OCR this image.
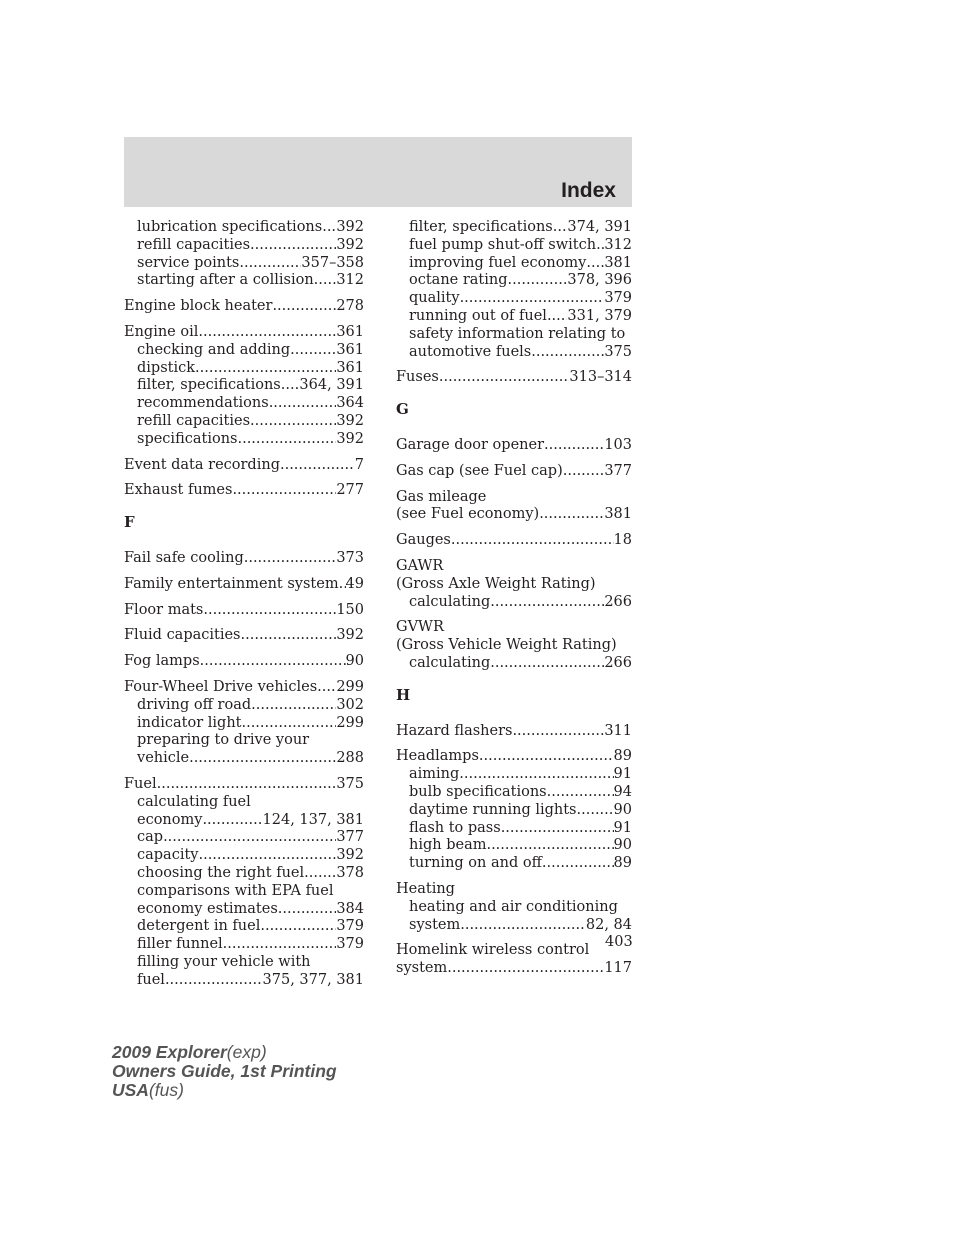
Index
lubrication specifications ..... 392
refill capacities .....	392
service points .....	357–358
starting after a collision ..... 312
Engine block heater .....	278
Engine oil .....	361
checking and adding .....	361
dipstick .....	361
filter, specifications ..... 364, 391
recommendations .....	364
refill capacities .....	392
specifications .....	392
Event data recording .....	7
Exhaust fumes .....	277
F
Fail safe cooling .....	373
Family entertainment system ..... 49
Floor mats .....	150
Fluid capacities .....	392
Fog lamps .....	90
Four-Wheel Drive vehicles ..... 299
driving off road .....	302
indicator light .....	299
preparing to drive your
vehicle .....	288
Fuel .....	375
calculating fuel
economy .....	124, 137, 381
cap .....	377
capacity .....	392
choosing the right fuel ..... 378
comparisons with EPA fuel
economy estimates .....	384
detergent in fuel .....	379
filler funnel .....	379
filling your vehicle with
fuel .....	375, 377, 381
filter, specifications ..... 374, 391
fuel pump shut-off switch ..... 312
improving fuel economy ..... 381
octane rating .....	378, 396
quality .....	379
running out of fuel ..... 331, 379
safety information relating to
automotive fuels .....	375
Fuses .....	313–314
G
Garage door opener .....	103
Gas cap (see Fuel cap) .....	377
Gas mileage
(see Fuel economy) .....	381
Gauges .....	18
GAWR
(Gross Axle Weight Rating)
calculating .....	266
GVWR
(Gross Vehicle Weight Rating)
calculating .....	266
H
Hazard flashers .....	311
Headlamps .....	89
aiming .....	91
bulb specifications .....	94
daytime running lights .....	90
flash to pass .....	91
high beam .....	90
turning on and off .....	89
Heating
heating and air conditioning
system .....	82, 84
Homelink wireless control
system .....	117
403
2009 Explorer(exp)
Owners Guide, 1st Printing
USA(fus)
